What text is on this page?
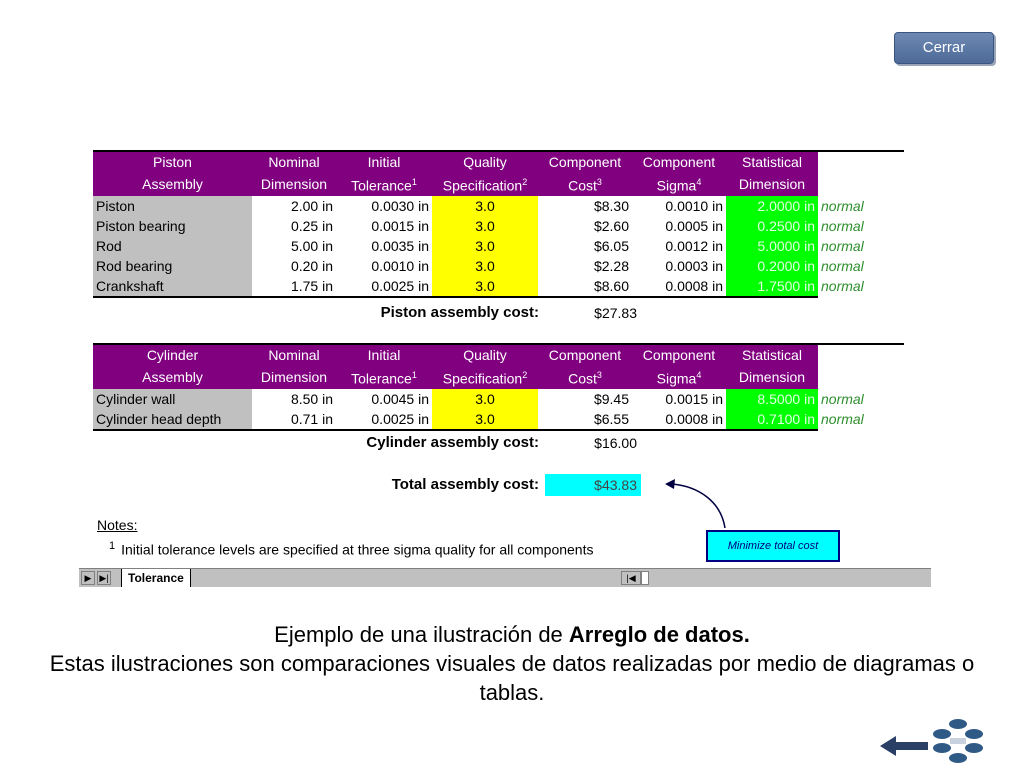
Cerrar
Piston	Nominal	Initial	Quality	Component	Component	Statistical	
Assembly	Dimension	Tolerance$^1$	Specification$^2$	Cost$^3$	Sigma$^4$	Dimension	
Piston	2.00 in	0.0030 in	3.0	$8.30	0.0010 in	2.0000 in	normal
Piston bearing	0.25 in	0.0015 in	3.0	$2.60	0.0005 in	0.2500 in	normal
Rod	5.00 in	0.0035 in	3.0	$6.05	0.0012 in	5.0000 in	normal
Rod bearing	0.20 in	0.0010 in	3.0	$2.28	0.0003 in	0.2000 in	normal
Crankshaft	1.75 in	0.0025 in	3.0	$8.60	0.0008 in	1.7500 in	normal
Piston assembly cost:	$27.83
Cylinder	Nominal	Initial	Quality	Component	Component	Statistical	
Assembly	Dimension	Tolerance$^1$	Specification$^2$	Cost$^3$	Sigma$^4$	Dimension	
Cylinder wall	8.50 in	0.0045 in	3.0	$9.45	0.0015 in	8.5000 in	normal
Cylinder head depth	0.71 in	0.0025 in	3.0	$6.55	0.0008 in	0.7100 in	normal
Cylinder assembly cost:	$16.00
Total assembly cost:	$43.83
Minimize total cost
Notes:
$^1$ Initial tolerance levels are specified at three sigma quality for all components
▶ ▶|	Tolerance	|◀
Ejemplo de una ilustración de Arreglo de datos.
Estas ilustraciones son comparaciones visuales de datos realizadas por medio de diagramas o tablas.
